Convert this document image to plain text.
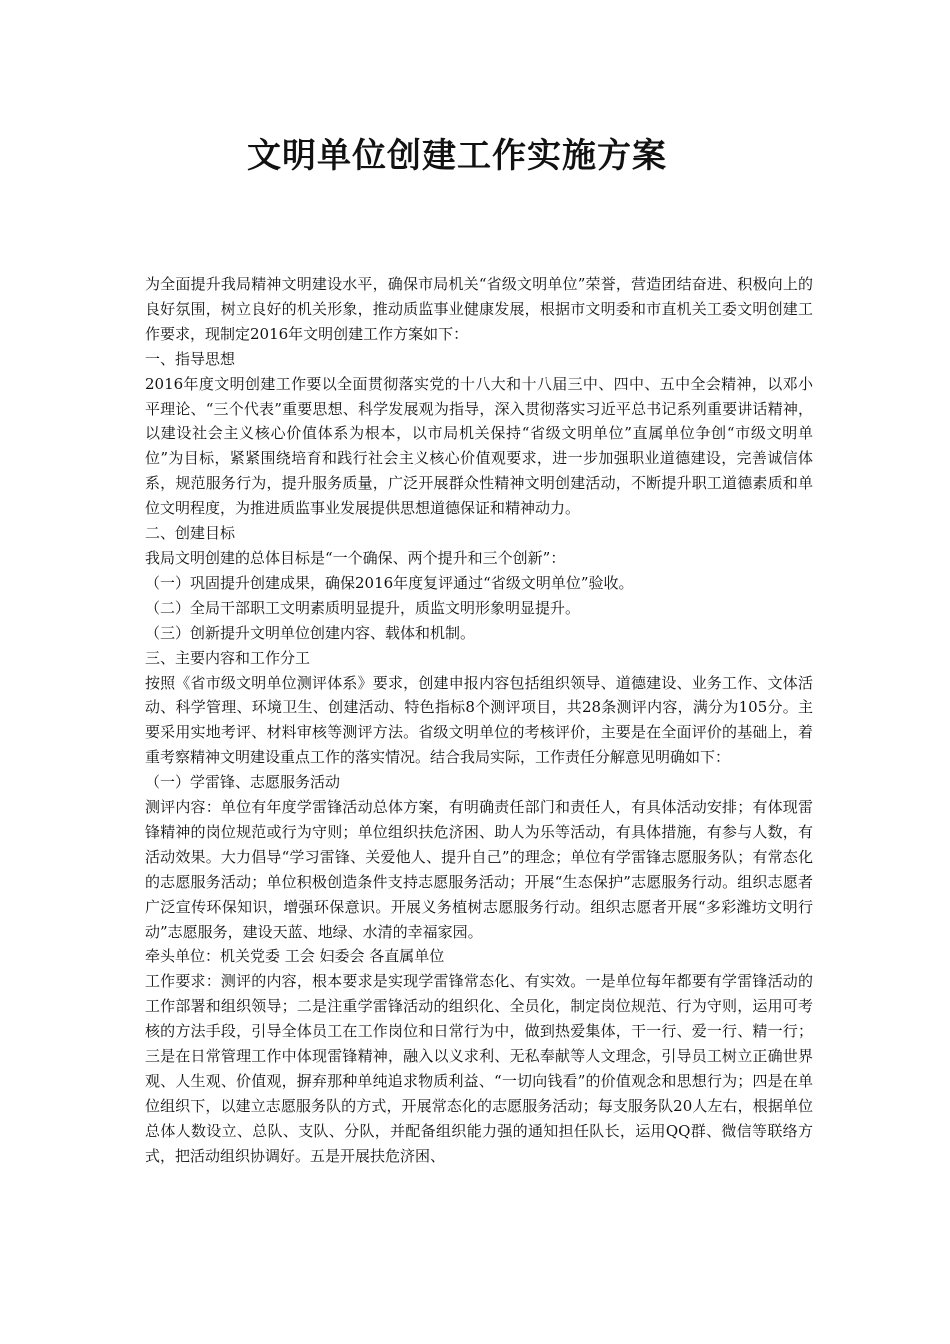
文明单位创建工作实施方案

为全面提升我局精神文明建设水平，确保市局机关“省级文明单位”荣誉，营造团结奋进、积极向上的良好氛围，树立良好的机关形象，推动质监事业健康发展，根据市文明委和市直机关工委文明创建工作要求，现制定2016年文明创建工作方案如下：

一、指导思想

2016年度文明创建工作要以全面贯彻落实党的十八大和十八届三中、四中、五中全会精神，以邓小平理论、“三个代表”重要思想、科学发展观为指导，深入贯彻落实习近平总书记系列重要讲话精神，以建设社会主义核心价值体系为根本，以市局机关保持“省级文明单位”直属单位争创“市级文明单位”为目标，紧紧围绕培育和践行社会主义核心价值观要求，进一步加强职业道德建设，完善诚信体系，规范服务行为，提升服务质量，广泛开展群众性精神文明创建活动，不断提升职工道德素质和单位文明程度，为推进质监事业发展提供思想道德保证和精神动力。

二、创建目标

我局文明创建的总体目标是“一个确保、两个提升和三个创新”：

（一）巩固提升创建成果，确保2016年度复评通过“省级文明单位”验收。

（二）全局干部职工文明素质明显提升，质监文明形象明显提升。

（三）创新提升文明单位创建内容、载体和机制。

三、主要内容和工作分工

按照《省市级文明单位测评体系》要求，创建申报内容包括组织领导、道德建设、业务工作、文体活动、科学管理、环境卫生、创建活动、特色指标8个测评项目，共28条测评内容，满分为105分。主要采用实地考评、材料审核等测评方法。省级文明单位的考核评价，主要是在全面评价的基础上，着重考察精神文明建设重点工作的落实情况。结合我局实际，工作责任分解意见明确如下：

（一）学雷锋、志愿服务活动

测评内容：单位有年度学雷锋活动总体方案，有明确责任部门和责任人，有具体活动安排；有体现雷锋精神的岗位规范或行为守则；单位组织扶危济困、助人为乐等活动，有具体措施，有参与人数，有活动效果。大力倡导“学习雷锋、关爱他人、提升自己”的理念；单位有学雷锋志愿服务队；有常态化的志愿服务活动；单位积极创造条件支持志愿服务活动；开展“生态保护”志愿服务行动。组织志愿者广泛宣传环保知识，增强环保意识。开展义务植树志愿服务行动。组织志愿者开展“多彩潍坊文明行动”志愿服务，建设天蓝、地绿、水清的幸福家园。

牵头单位：机关党委 工会 妇委会 各直属单位

工作要求：测评的内容，根本要求是实现学雷锋常态化、有实效。一是单位每年都要有学雷锋活动的工作部署和组织领导；二是注重学雷锋活动的组织化、全员化，制定岗位规范、行为守则，运用可考核的方法手段，引导全体员工在工作岗位和日常行为中，做到热爱集体，干一行、爱一行、精一行；三是在日常管理工作中体现雷锋精神，融入以义求利、无私奉献等人文理念，引导员工树立正确世界观、人生观、价值观，摒弃那种单纯追求物质利益、“一切向钱看”的价值观念和思想行为；四是在单位组织下，以建立志愿服务队的方式，开展常态化的志愿服务活动；每支服务队20人左右，根据单位总体人数设立、总队、支队、分队，并配备组织能力强的通知担任队长，运用QQ群、微信等联络方式，把活动组织协调好。五是开展扶危济困、
